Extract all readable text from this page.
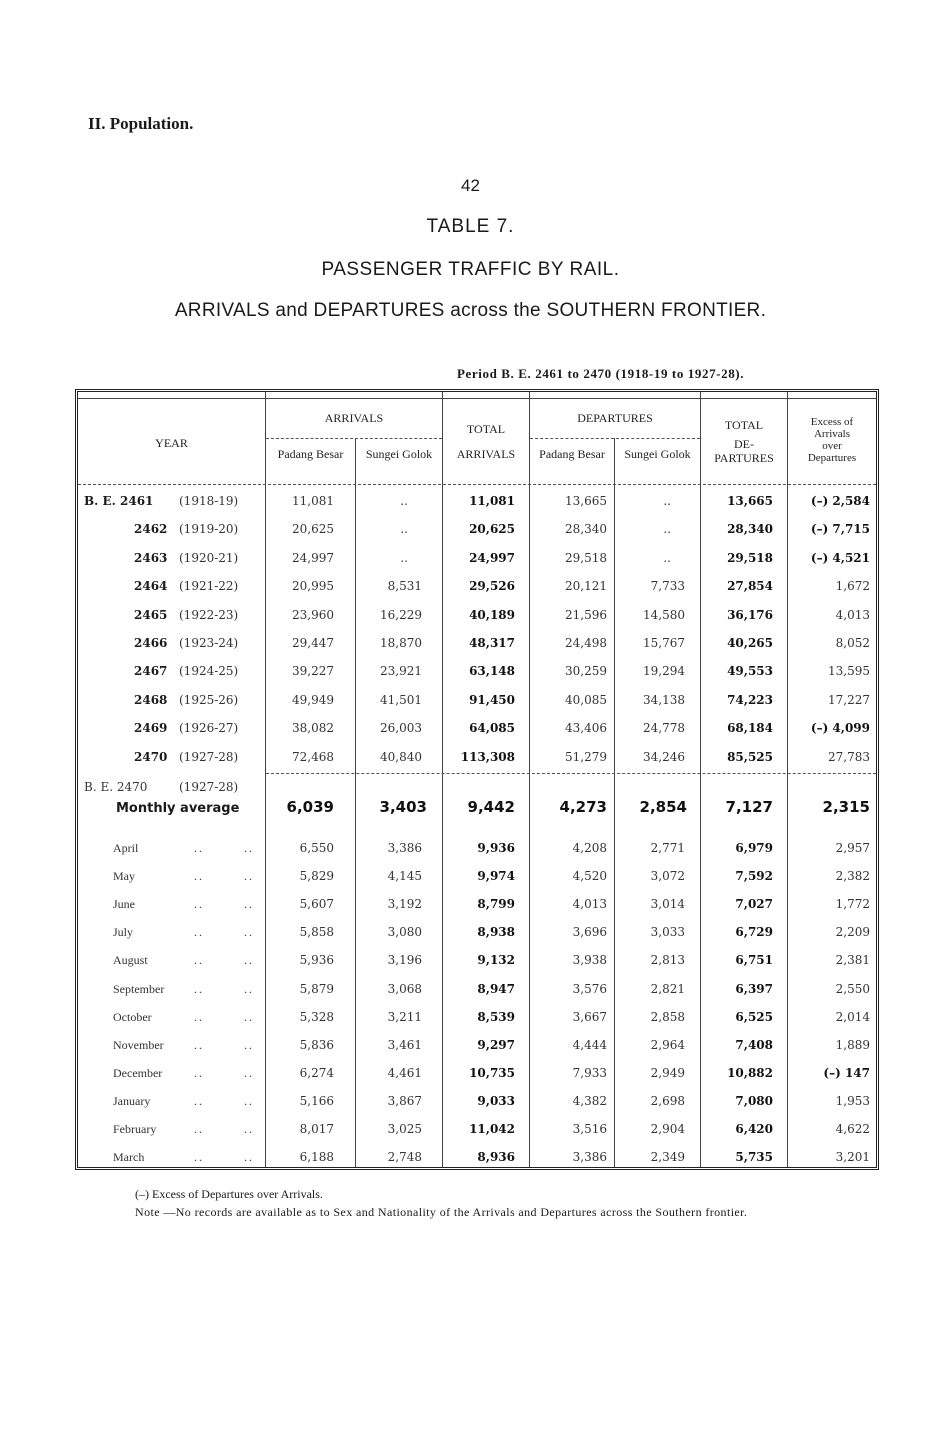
II. Population.
42
TABLE 7.
PASSENGER TRAFFIC BY RAIL.
ARRIVALS and DEPARTURES across the SOUTHERN FRONTIER.
Period B. E. 2461 to 2470 (1918-19 to 1927-28).
YEAR
ARRIVALS
Padang Besar	Sungei Golok
TOTAL
ARRIVALS
DEPARTURES
Padang Besar	Sungei Golok
TOTAL
DE-
PARTURES
Excess of
Arrivals
over
Departures
B. E. 2461 (1918-19)	11,081	..	11,081	13,665	..	13,665	(–) 2,584
2462 (1919-20)	20,625	..	20,625	28,340	..	28,340	(–) 7,715
2463 (1920-21)	24,997	..	24,997	29,518	..	29,518	(–) 4,521
2464 (1921-22)	20,995	8,531	29,526	20,121	7,733	27,854	1,672
2465 (1922-23)	23,960	16,229	40,189	21,596	14,580	36,176	4,013
2466 (1923-24)	29,447	18,870	48,317	24,498	15,767	40,265	8,052
2467 (1924-25)	39,227	23,921	63,148	30,259	19,294	49,553	13,595
2468 (1925-26)	49,949	41,501	91,450	40,085	34,138	74,223	17,227
2469 (1926-27)	38,082	26,003	64,085	43,406	24,778	68,184	(–) 4,099
2470 (1927-28)	72,468	40,840	113,308	51,279	34,246	85,525	27,783
B. E. 2470	(1927-28)
Monthly average	6,039	3,403	9,442	4,273	2,854	7,127	2,315
April	..	..	6,550	3,386	9,936	4,208	2,771	6,979	2,957
May	..	..	5,829	4,145	9,974	4,520	3,072	7,592	2,382
June	..	..	5,607	3,192	8,799	4,013	3,014	7,027	1,772
July	..	..	5,858	3,080	8,938	3,696	3,033	6,729	2,209
August	..	..	5,936	3,196	9,132	3,938	2,813	6,751	2,381
September ..	..	5,879	3,068	8,947	3,576	2,821	6,397	2,550
October	..	..	5,328	3,211	8,539	3,667	2,858	6,525	2,014
November	..	..	5,836	3,461	9,297	4,444	2,964	7,408	1,889
December	..	..	6,274	4,461	10,735	7,933	2,949	10,882	(–) 147
January	..	..	5,166	3,867	9,033	4,382	2,698	7,080	1,953
February	..	..	8,017	3,025	11,042	3,516	2,904	6,420	4,622
March	..	..	6,188	2,748	8,936	3,386	2,349	5,735	3,201
(–) Excess of Departures over Arrivals.
Note —No records are available as to Sex and Nationality of the Arrivals and Departures across the Southern frontier.
